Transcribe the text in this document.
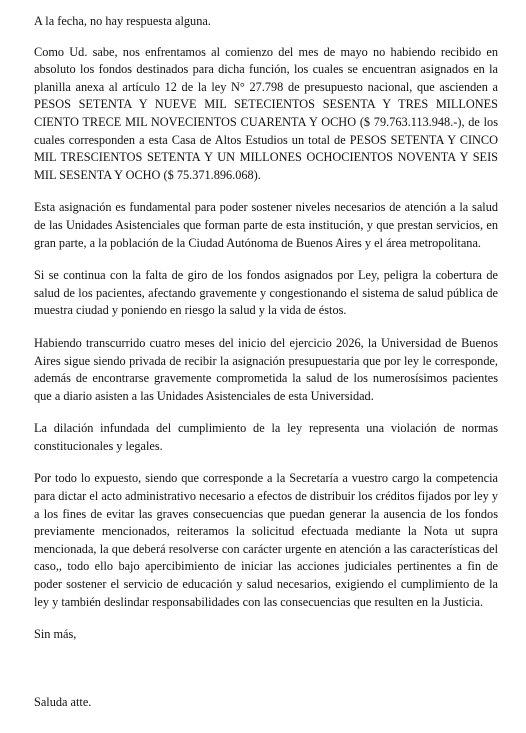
A la fecha, no hay respuesta alguna.

Como Ud. sabe, nos enfrentamos al comienzo del mes de mayo no habiendo recibido en absoluto los fondos destinados para dicha función, los cuales se encuentran asignados en la planilla anexa al artículo 12 de la ley N° 27.798 de presupuesto nacional, que ascienden a PESOS SETENTA Y NUEVE MIL SETECIENTOS SESENTA Y TRES MILLONES CIENTO TRECE MIL NOVECIENTOS CUARENTA Y OCHO ($ 79.763.113.948.-), de los cuales corresponden a esta Casa de Altos Estudios un total de PESOS SETENTA Y CINCO MIL TRESCIENTOS SETENTA Y UN MILLONES OCHOCIENTOS NOVENTA Y SEIS MIL SESENTA Y OCHO ($ 75.371.896.068).

Esta asignación es fundamental para poder sostener niveles necesarios de atención a la salud de las Unidades Asistenciales que forman parte de esta institución, y que prestan servicios, en gran parte, a la población de la Ciudad Autónoma de Buenos Aires y el área metropolitana.

Si se continua con la falta de giro de los fondos asignados por Ley, peligra la cobertura de salud de los pacientes, afectando gravemente y congestionando el sistema de salud pública de muestra ciudad y poniendo en riesgo la salud y la vida de éstos.

Habiendo transcurrido cuatro meses del inicio del ejercicio 2026, la Universidad de Buenos Aires sigue siendo privada de recibir la asignación presupuestaria que por ley le corresponde, además de encontrarse gravemente comprometida la salud de los numerosísimos pacientes que a diario asisten a las Unidades Asistenciales de esta Universidad.

La dilación infundada del cumplimiento de la ley representa una violación de normas constitucionales y legales.

Por todo lo expuesto, siendo que corresponde a la Secretaría a vuestro cargo la competencia para dictar el acto administrativo necesario a efectos de distribuir los créditos fijados por ley y a los fines de evitar las graves consecuencias que puedan generar la ausencia de los fondos previamente mencionados, reiteramos la solicitud efectuada mediante la Nota ut supra mencionada, la que deberá resolverse con carácter urgente en atención a las características del caso,, todo ello bajo apercibimiento de iniciar las acciones judiciales pertinentes a fin de poder sostener el servicio de educación y salud necesarios, exigiendo el cumplimiento de la ley y también deslindar responsabilidades con las consecuencias que resulten en la Justicia.

Sin más,

Saluda atte.
